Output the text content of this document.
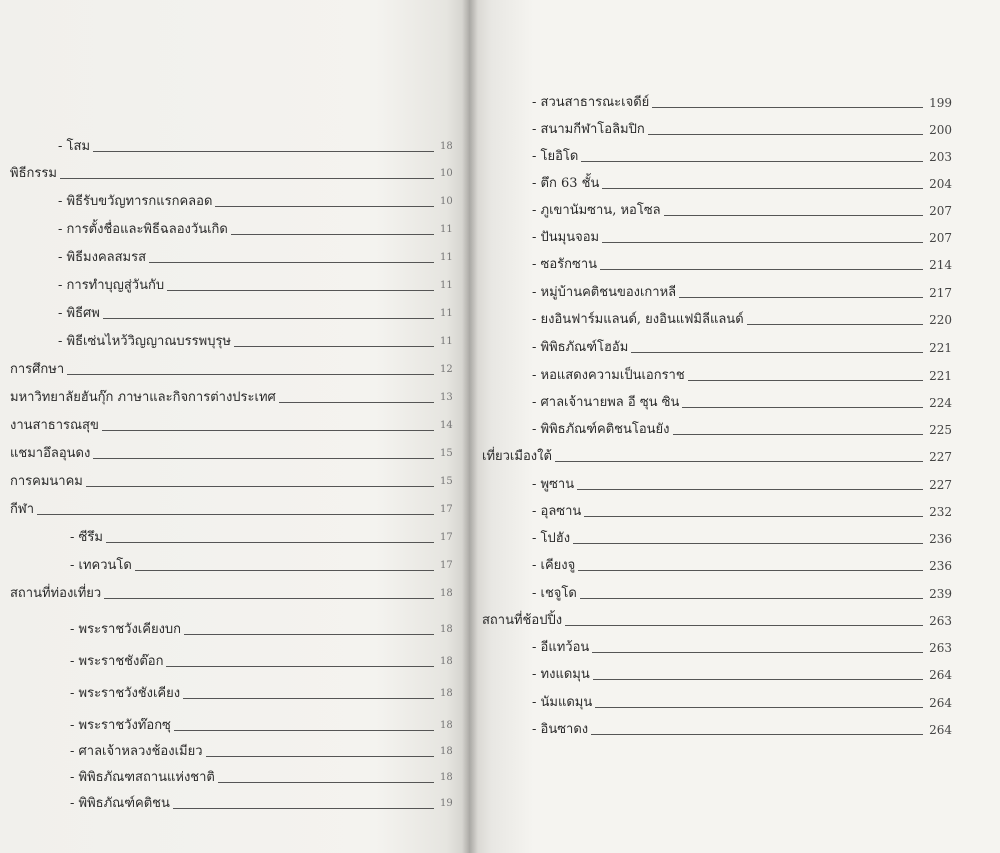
- โสม	18
พิธีกรรม	10
- พิธีรับขวัญทารกแรกคลอด	10
- การตั้งชื่อและพิธีฉลองวันเกิด	11
- พิธีมงคลสมรส	11
- การทำบุญสู่วันกับ	11
- พิธีศพ	11
- พิธีเซ่นไหว้วิญญาณบรรพบุรุษ	11
การศึกษา	12
มหาวิทยาลัยฮันกุ๊ก ภาษาและกิจการต่างประเทศ	13
งานสาธารณสุข	14
แชมาอึลอุนดง	15
การคมนาคม	15
กีฬา	17
- ซีรึม	17
- เทควนโด	17
สถานที่ท่องเที่ยว	18
- พระราชวังเคียงบก	18
- พระราชชังต๊อก	18
- พระราชวังชังเคียง	18
- พระราชวังท๊อกซุ	18
- ศาลเจ้าหลวงช้องเมียว	18
- พิพิธภัณฑสถานแห่งชาติ	18
- พิพิธภัณฑ์คติชน	19
- สวนสาธารณะเจดีย์	199
- สนามกีฬาโอลิมปิก	200
- โยอิโด	203
- ตึก 63 ชั้น	204
- ภูเขานัมซาน, หอโซล	207
- ปันมุนจอม	207
- ซอรักซาน	214
- หมู่บ้านคติชนของเกาหลี	217
- ยงอินฟาร์มแลนด์, ยงอินแฟมิลีแลนด์	220
- พิพิธภัณฑ์โฮอัม	221
- หอแสดงความเป็นเอกราช	221
- ศาลเจ้านายพล อี ซุน ซิน	224
- พิพิธภัณฑ์คติชนโอนยัง	225
เที่ยวเมืองใต้	227
- พูซาน	227
- อุลซาน	232
- โปฮัง	236
- เคียงจู	236
- เชจูโด	239
สถานที่ช้อปปิ้ง	263
- อีแทว้อน	263
- ทงแดมุน	264
- นัมแดมุน	264
- อินซาดง	264
